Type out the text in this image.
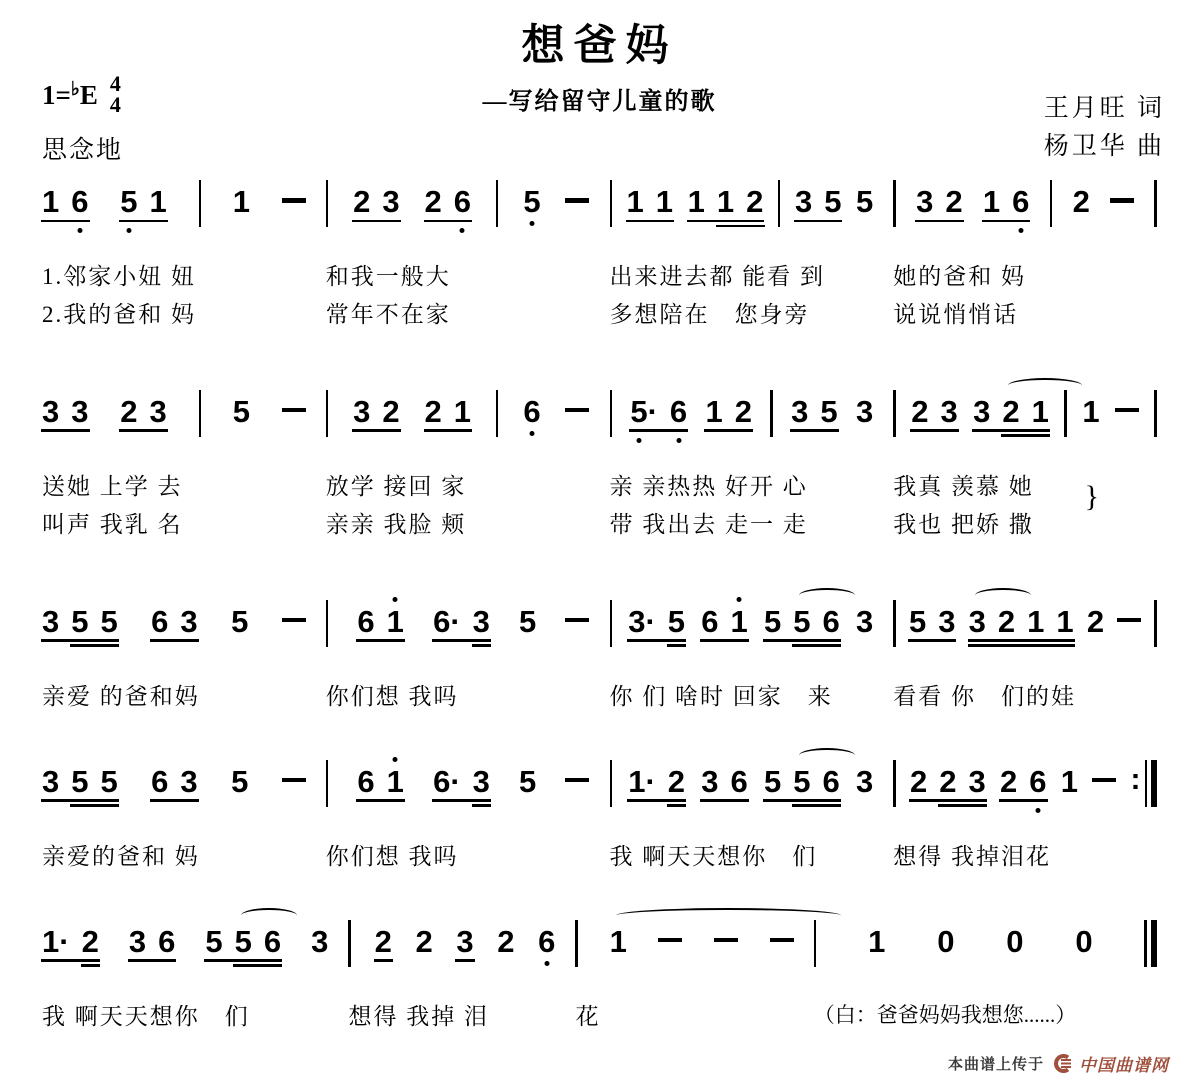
想爸妈
—写给留守儿童的歌
1=♭E 4
4
思念地
王月旺 词
杨卫华 曲
1 6 5 1 1
1.邻家小妞 妞
2.我的爸和 妈
2 3 2 6 5
和我一般大
常年不在家
1 1 1 1 2 3 5 5
出来进去都 能看 到
多想陪在　您身旁
3 2 1 6 2
她的爸和 妈
说说悄悄话
3 3 2 3 5
送她 上学 去
叫声 我乳 名
3 2 2 1 6
放学 接回 家
亲亲 我脸 颊
5· 6 1 2 3 5 3
亲 亲热热 好开 心
带 我出去 走一 走
2 3 3 2 1 1
我真 羡慕 她
我也 把娇 撒
}
3 5 5 6 3 5
亲爱 的爸和妈
6 1 6· 3 5
你们想 我吗
3· 5 6 1 5 5 6 3
你 们 啥时 回家　来
5 3 3 2 1 1 2
看看 你　们的娃
3 5 5 6 3 5
亲爱的爸和 妈
6 1 6· 3 5
你们想 我吗
1· 2 3 6 5 5 6 3
我 啊天天想你　们
2 2 3 2 6 1 :
想得 我掉泪花
1· 2 3 6 5 5 6 3
我 啊天天想你　们
2 2 3 2 6
想得 我掉 泪
1
花
1 0 0 0
（白：爸爸妈妈我想您......）
本曲谱上传于 中国曲谱网
